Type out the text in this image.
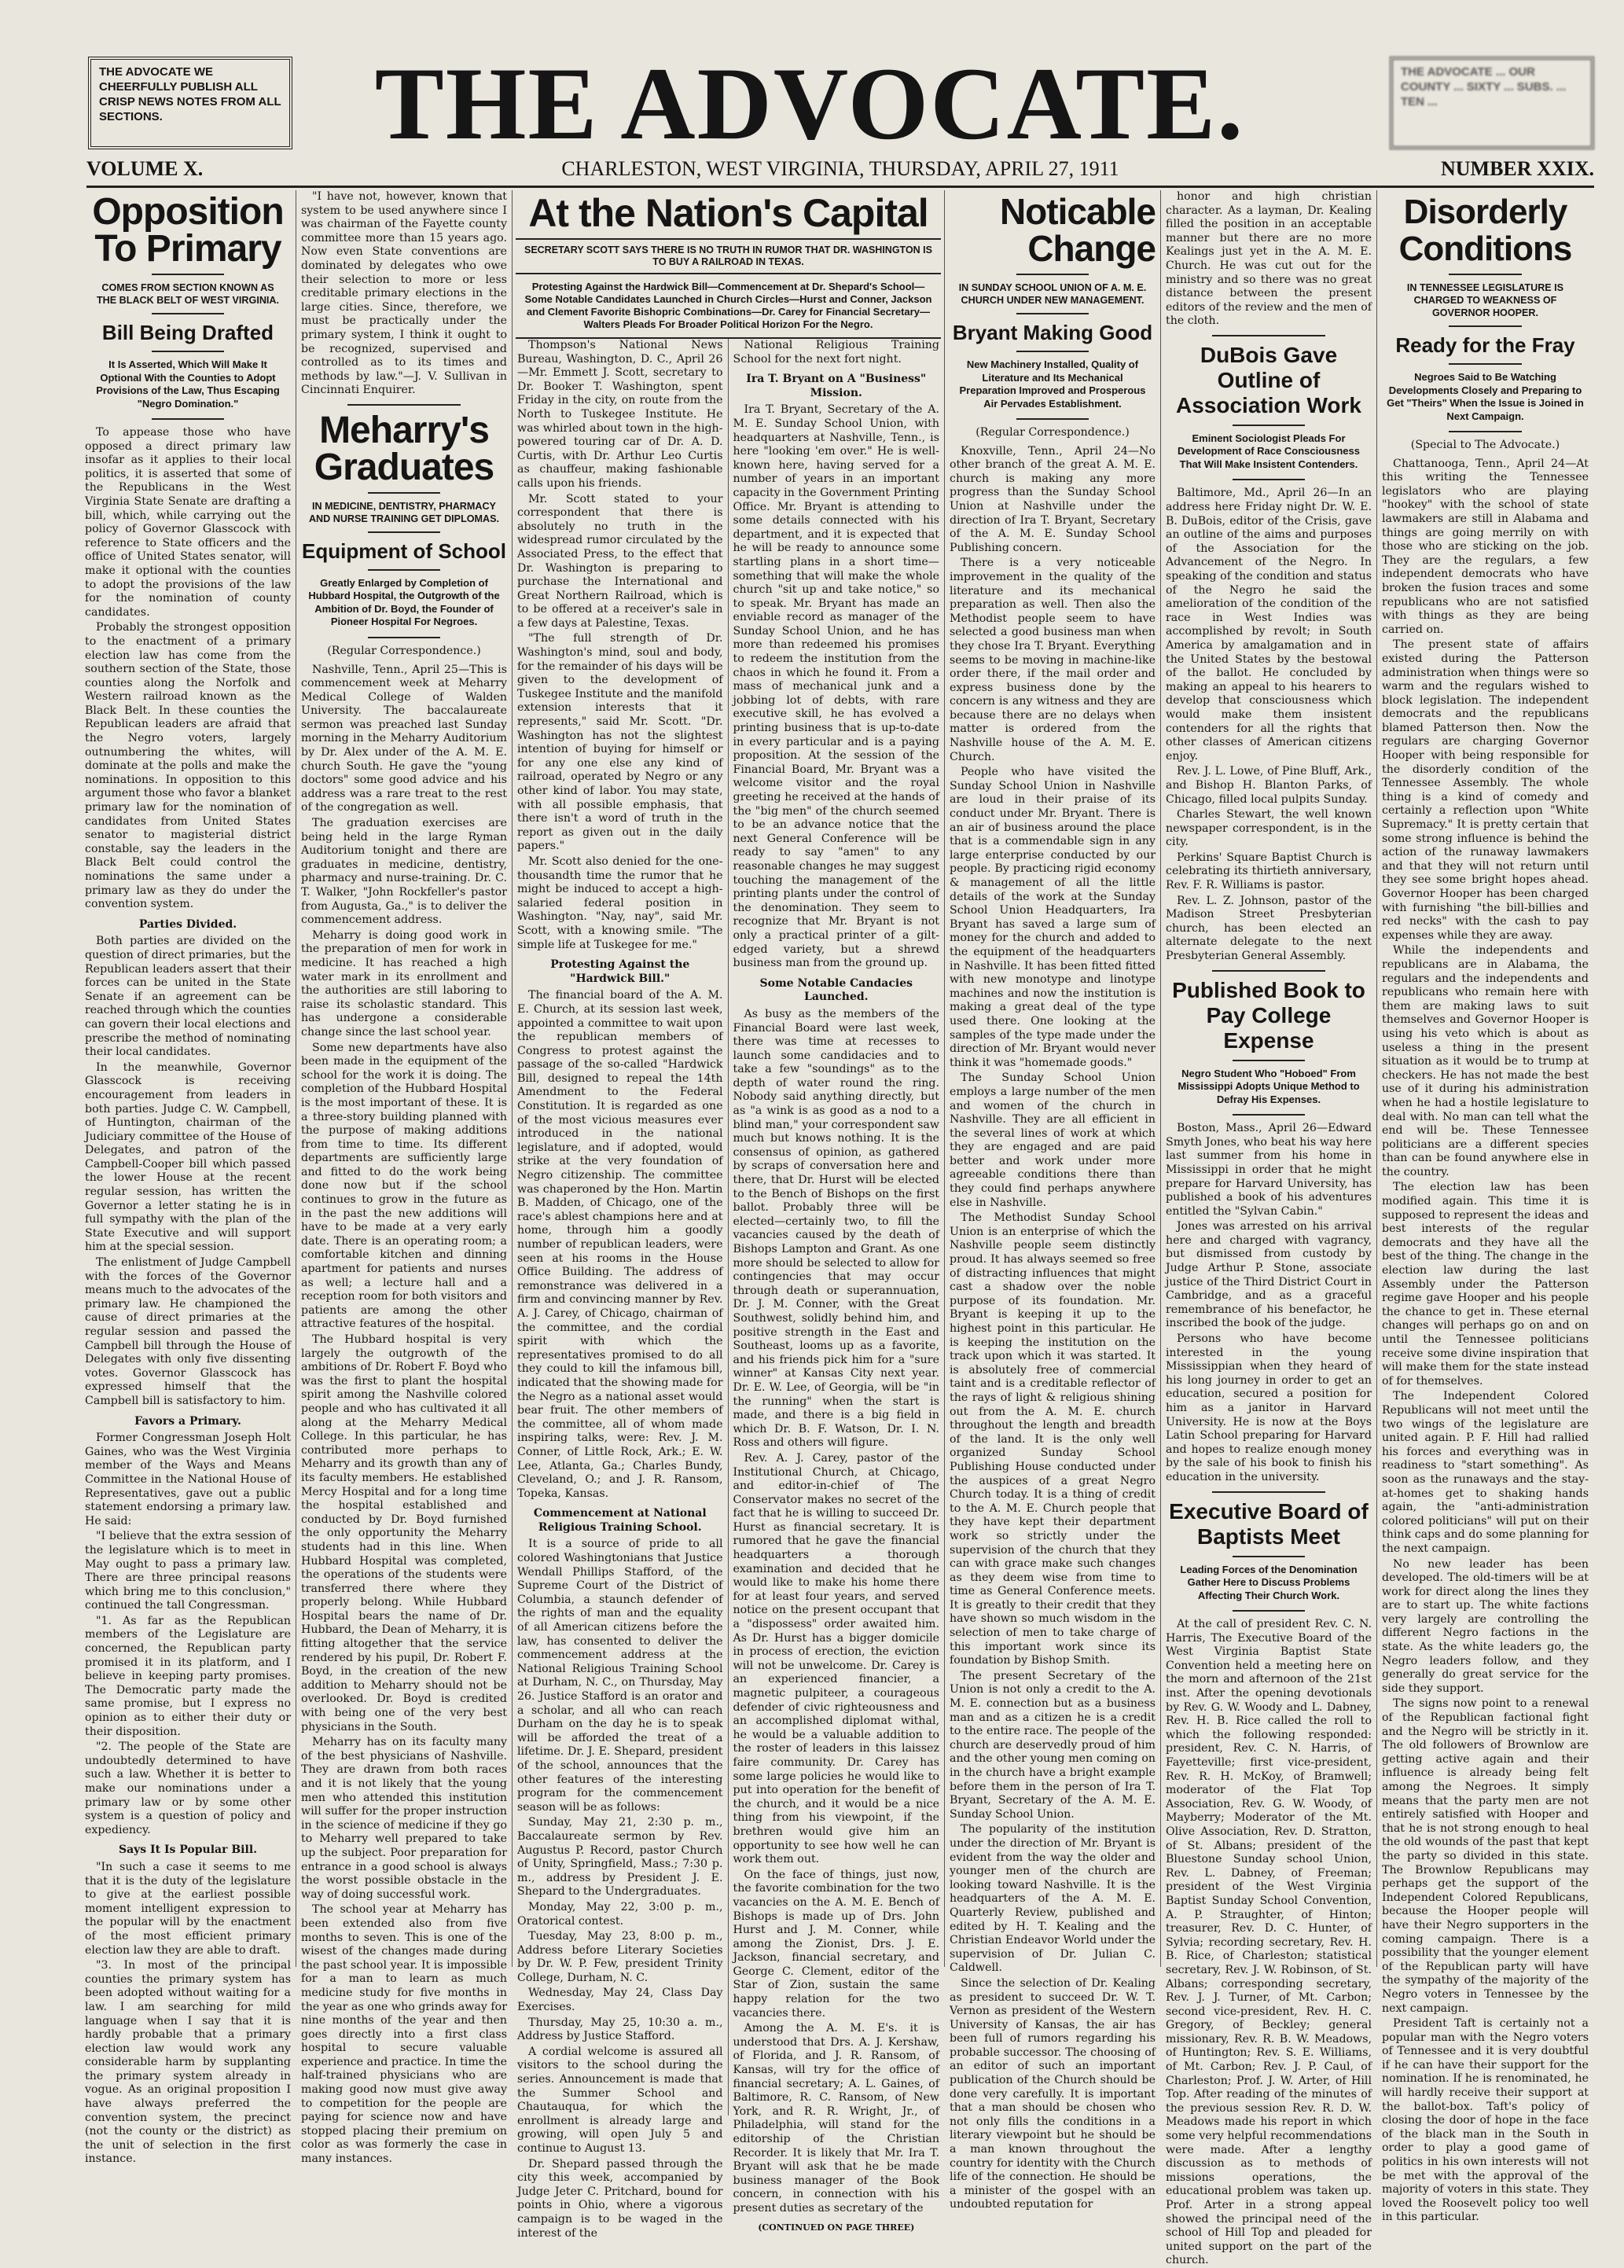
THE ADVOCATE WE CHEERFULLY PUBLISH ALL CRISP NEWS NOTES FROM ALL SECTIONS.	THE ADVOCATE.	THE ADVOCATE ... OUR COUNTY ... SIXTY ... SUBS. ... TEN ...
VOLUME X.	CHARLESTON, WEST VIRGINIA, THURSDAY, APRIL 27, 1911	NUMBER XXIX.
Opposition To Primary
COMES FROM SECTION KNOWN AS THE BLACK BELT OF WEST VIRGINIA.
Bill Being Drafted
It Is Asserted, Which Will Make It Optional With the Counties to Adopt Provisions of the Law, Thus Escaping "Negro Domination."

To appease those who have opposed a direct primary law insofar as it applies to their local politics, it is asserted that some of the Republicans in the West Virginia State Senate are drafting a bill, which, while carrying out the policy of Governor Glasscock with reference to State officers and the office of United States senator, will make it optional with the counties to adopt the provisions of the law for the nomination of county candidates.

Probably the strongest opposition to the enactment of a primary election law has come from the southern section of the State, those counties along the Norfolk and Western railroad known as the Black Belt. In these counties the Republican leaders are afraid that the Negro voters, largely outnumbering the whites, will dominate at the polls and make the nominations. In opposition to this argument those who favor a blanket primary law for the nomination of candidates from United States senator to magisterial district constable, say the leaders in the Black Belt could control the nominations the same under a primary law as they do under the convention system.

Parties Divided.

Both parties are divided on the question of direct primaries, but the Republican leaders assert that their forces can be united in the State Senate if an agreement can be reached through which the counties can govern their local elections and prescribe the method of nominating their local candidates.

In the meanwhile, Governor Glasscock is receiving encouragement from leaders in both parties. Judge C. W. Campbell, of Huntington, chairman of the Judiciary committee of the House of Delegates, and patron of the Campbell-Cooper bill which passed the lower House at the recent regular session, has written the Governor a letter stating he is in full sympathy with the plan of the State Executive and will support him at the special session.

The enlistment of Judge Campbell with the forces of the Governor means much to the advocates of the primary law. He championed the cause of direct primaries at the regular session and passed the Campbell bill through the House of Delegates with only five dissenting votes. Governor Glasscock has expressed himself that the Campbell bill is satisfactory to him.

Favors a Primary.

Former Congressman Joseph Holt Gaines, who was the West Virginia member of the Ways and Means Committee in the National House of Representatives, gave out a public statement endorsing a primary law. He said:

"I believe that the extra session of the legislature which is to meet in May ought to pass a primary law. There are three principal reasons which bring me to this conclusion," continued the tall Congressman.

"1. As far as the Republican members of the Legislature are concerned, the Republican party promised it in its platform, and I believe in keeping party promises. The Democratic party made the same promise, but I express no opinion as to either their duty or their disposition.

"2. The people of the State are undoubtedly determined to have such a law. Whether it is better to make our nominations under a primary law or by some other system is a question of policy and expediency.

Says It Is Popular Bill.

"In such a case it seems to me that it is the duty of the legislature to give at the earliest possible moment intelligent expression to the popular will by the enactment of the most efficient primary election law they are able to draft.

"3. In most of the principal counties the primary system has been adopted without waiting for a law. I am searching for mild language when I say that it is hardly probable that a primary election law would work any considerable harm by supplanting the primary system already in vogue. As an original proposition I have always preferred the convention system, the precinct (not the county or the district) as the unit of selection in the first instance.

"I have not, however, known that system to be used anywhere since I was chairman of the Fayette county committee more than 15 years ago. Now even State conventions are dominated by delegates who owe their selection to more or less creditable primary elections in the large cities. Since, therefore, we must be practically under the primary system, I think it ought to be recognized, supervised and controlled as to its times and methods by law."—J. V. Sullivan in Cincinnati Enquirer.

Meharry's Graduates
IN MEDICINE, DENTISTRY, PHARMACY AND NURSE TRAINING GET DIPLOMAS.
Equipment of School
Greatly Enlarged by Completion of Hubbard Hospital, the Outgrowth of the Ambition of Dr. Boyd, the Founder of Pioneer Hospital For Negroes.

(Regular Correspondence.)

Nashville, Tenn., April 25—This is commencement week at Meharry Medical College of Walden University. The baccalaureate sermon was preached last Sunday morning in the Meharry Auditorium by Dr. Alex under of the A. M. E. church South. He gave the "young doctors" some good advice and his address was a rare treat to the rest of the congregation as well.

The graduation exercises are being held in the large Ryman Auditorium tonight and there are graduates in medicine, dentistry, pharmacy and nurse-training. Dr. C. T. Walker, "John Rockfeller's pastor from Augusta, Ga.," is to deliver the commencement address.

Meharry is doing good work in the preparation of men for work in medicine. It has reached a high water mark in its enrollment and the authorities are still laboring to raise its scholastic standard. This has undergone a considerable change since the last school year.

Some new departments have also been made in the equipment of the school for the work it is doing. The completion of the Hubbard Hospital is the most important of these. It is a three-story building planned with the purpose of making additions from time to time. Its different departments are sufficiently large and fitted to do the work being done now but if the school continues to grow in the future as in the past the new additions will have to be made at a very early date. There is an operating room; a comfortable kitchen and dinning apartment for patients and nurses as well; a lecture hall and a reception room for both visitors and patients are among the other attractive features of the hospital.

The Hubbard hospital is very largely the outgrowth of the ambitions of Dr. Robert F. Boyd who was the first to plant the hospital spirit among the Nashville colored people and who has cultivated it all along at the Meharry Medical College. In this particular, he has contributed more perhaps to Meharry and its growth than any of its faculty members. He established Mercy Hospital and for a long time the hospital established and conducted by Dr. Boyd furnished the only opportunity the Meharry students had in this line. When Hubbard Hospital was completed, the operations of the students were transferred there where they properly belong. While Hubbard Hospital bears the name of Dr. Hubbard, the Dean of Meharry, it is fitting altogether that the service rendered by his pupil, Dr. Robert F. Boyd, in the creation of the new addition to Meharry should not be overlooked. Dr. Boyd is credited with being one of the very best physicians in the South.

Meharry has on its faculty many of the best physicians of Nashville. They are drawn from both races and it is not likely that the young men who attended this institution will suffer for the proper instruction in the science of medicine if they go to Meharry well prepared to take up the subject. Poor preparation for entrance in a good school is always the worst possible obstacle in the way of doing successful work.

The school year at Meharry has been extended also from five months to seven. This is one of the wisest of the changes made during the past school year. It is impossible for a man to learn as much medicine study for five months in the year as one who grinds away for nine months of the year and then goes directly into a first class hospital to secure valuable experience and practice. In time the half-trained physicians who are making good now must give away to competition for the people are paying for science now and have stopped placing their premium on color as was formerly the case in many instances.

At the Nation's Capital
SECRETARY SCOTT SAYS THERE IS NO TRUTH IN RUMOR THAT DR. WASHINGTON IS TO BUY A RAILROAD IN TEXAS.
Protesting Against the Hardwick Bill—Commencement at Dr. Shepard's School—Some Notable Candidates Launched in Church Circles—Hurst and Conner, Jackson and Clement Favorite Bishopric Combinations—Dr. Carey for Financial Secretary—Walters Pleads For Broader Political Horizon For the Negro.

Thompson's National News Bureau, Washington, D. C., April 26—Mr. Emmett J. Scott, secretary to Dr. Booker T. Washington, spent Friday in the city, on route from the North to Tuskegee Institute. He was whirled about town in the high-powered touring car of Dr. A. D. Curtis, with Dr. Arthur Leo Curtis as chauffeur, making fashionable calls upon his friends.

Mr. Scott stated to your correspondent that there is absolutely no truth in the widespread rumor circulated by the Associated Press, to the effect that Dr. Washington is preparing to purchase the International and Great Northern Railroad, which is to be offered at a receiver's sale in a few days at Palestine, Texas.

"The full strength of Dr. Washington's mind, soul and body, for the remainder of his days will be given to the development of Tuskegee Institute and the manifold extension interests that it represents," said Mr. Scott. "Dr. Washington has not the slightest intention of buying for himself or for any one else any kind of railroad, operated by Negro or any other kind of labor. You may state, with all possible emphasis, that there isn't a word of truth in the report as given out in the daily papers."

Mr. Scott also denied for the one-thousandth time the rumor that he might be induced to accept a high-salaried federal position in Washington. "Nay, nay", said Mr. Scott, with a knowing smile. "The simple life at Tuskegee for me."

Protesting Against the "Hardwick Bill."

The financial board of the A. M. E. Church, at its session last week, appointed a committee to wait upon the republican members of Congress to protest against the passage of the so-called "Hardwick Bill, designed to repeal the 14th Amendment to the Federal Constitution. It is regarded as one of the most vicious measures ever introduced in the national legislature, and if adopted, would strike at the very foundation of Negro citizenship. The committee was chaperoned by the Hon. Martin B. Madden, of Chicago, one of the race's ablest champions here and at home, through him a goodly number of republican leaders, were seen at his rooms in the House Office Building. The address of remonstrance was delivered in a firm and convincing manner by Rev. A. J. Carey, of Chicago, chairman of the committee, and the cordial spirit with which the representatives promised to do all they could to kill the infamous bill, indicated that the showing made for the Negro as a national asset would bear fruit. The other members of the committee, all of whom made inspiring talks, were: Rev. J. M. Conner, of Little Rock, Ark.; E. W. Lee, Atlanta, Ga.; Charles Bundy, Cleveland, O.; and J. R. Ransom, Topeka, Kansas.

Commencement at National Religious Training School.

It is a source of pride to all colored Washingtonians that Justice Wendall Phillips Stafford, of the Supreme Court of the District of Columbia, a staunch defender of the rights of man and the equality of all American citizens before the law, has consented to deliver the commencement address at the National Religious Training School at Durham, N. C., on Thursday, May 26. Justice Stafford is an orator and a scholar, and all who can reach Durham on the day he is to speak will be afforded the treat of a lifetime. Dr. J. E. Shepard, president of the school, announces that the other features of the interesting program for the commencement season will be as follows:

Sunday, May 21, 2:30 p. m., Baccalaureate sermon by Rev. Augustus P. Record, pastor Church of Unity, Springfield, Mass.; 7:30 p. m., address by President J. E. Shepard to the Undergraduates.

Monday, May 22, 3:00 p. m., Oratorical contest.

Tuesday, May 23, 8:00 p. m., Address before Literary Societies by Dr. W. P. Few, president Trinity College, Durham, N. C.

Wednesday, May 24, Class Day Exercises.

Thursday, May 25, 10:30 a. m., Address by Justice Stafford.

A cordial welcome is assured all visitors to the school during the series. Announcement is made that the Summer School and Chautauqua, for which the enrollment is already large and growing, will open July 5 and continue to August 13.

Dr. Shepard passed through the city this week, accompanied by Judge Jeter C. Pritchard, bound for points in Ohio, where a vigorous campaign is to be waged in the interest of the

National Religious Training School for the next fort night.

Ira T. Bryant on A "Business" Mission.

Ira T. Bryant, Secretary of the A. M. E. Sunday School Union, with headquarters at Nashville, Tenn., is here "looking 'em over." He is well-known here, having served for a number of years in an important capacity in the Government Printing Office. Mr. Bryant is attending to some details connected with his department, and it is expected that he will be ready to announce some startling plans in a short time—something that will make the whole church "sit up and take notice," so to speak. Mr. Bryant has made an enviable record as manager of the Sunday School Union, and he has more than redeemed his promises to redeem the institution from the chaos in which he found it. From a mass of mechanical junk and a jobbing lot of debts, with rare executive skill, he has evolved a printing business that is up-to-date in every particular and is a paying proposition. At the session of the Financial Board, Mr. Bryant was a welcome visitor and the royal greeting he received at the hands of the "big men" of the church seemed to be an advance notice that the next General Conference will be ready to say "amen" to any reasonable changes he may suggest touching the management of the printing plants under the control of the denomination. They seem to recognize that Mr. Bryant is not only a practical printer of a gilt-edged variety, but a shrewd business man from the ground up.

Some Notable Candacies Launched.

As busy as the members of the Financial Board were last week, there was time at recesses to launch some candidacies and to take a few "soundings" as to the depth of water round the ring. Nobody said anything directly, but as "a wink is as good as a nod to a blind man," your correspondent saw much but knows nothing. It is the consensus of opinion, as gathered by scraps of conversation here and there, that Dr. Hurst will be elected to the Bench of Bishops on the first ballot. Probably three will be elected—certainly two, to fill the vacancies caused by the death of Bishops Lampton and Grant. As one more should be selected to allow for contingencies that may occur through death or superannuation, Dr. J. M. Conner, with the Great Southwest, solidly behind him, and positive strength in the East and Southeast, looms up as a favorite, and his friends pick him for a "sure winner" at Kansas City next year. Dr. E. W. Lee, of Georgia, will be "in the running" when the start is made, and there is a big field in which Dr. B. F. Watson, Dr. I. N. Ross and others will figure.

Rev. A. J. Carey, pastor of the Institutional Church, at Chicago, and editor-in-chief of The Conservator makes no secret of the fact that he is willing to succeed Dr. Hurst as financial secretary. It is rumored that he gave the financial headquarters a thorough examination and decided that he would like to make his home there for at least four years, and served notice on the present occupant that a "dispossess" order awaited him. As Dr. Hurst has a bigger domicile in process of erection, the eviction will not be unwelcome. Dr. Carey is an experienced financier, a magnetic pulpiteer, a courageous defender of civic righteousness and an accomplished diplomat withal, he would be a valuable addition to the roster of leaders in this laissez faire community. Dr. Carey has some large policies he would like to put into operation for the benefit of the church, and it would be a nice thing from his viewpoint, if the brethren would give him an opportunity to see how well he can work them out.

On the face of things, just now, the favorite combination for the two vacancies on the A. M. E. Bench of Bishops is made up of Drs. John Hurst and J. M. Conner, while among the Zionist, Drs. J. E. Jackson, financial secretary, and George C. Clement, editor of the Star of Zion, sustain the same happy relation for the two vacancies there.

Among the A. M. E's. it is understood that Drs. A. J. Kershaw, of Florida, and J. R. Ransom, of Kansas, will try for the office of financial secretary; A. L. Gaines, of Baltimore, R. C. Ransom, of New York, and R. R. Wright, Jr., of Philadelphia, will stand for the editorship of the Christian Recorder. It is likely that Mr. Ira T. Bryant will ask that he be made business manager of the Book concern, in connection with his present duties as secretary of the

(CONTINUED ON PAGE THREE)

Noticable Change
IN SUNDAY SCHOOL UNION OF A. M. E. CHURCH UNDER NEW MANAGEMENT.
Bryant Making Good
New Machinery Installed, Quality of Literature and Its Mechanical Preparation Improved and Prosperous Air Pervades Establishment.

(Regular Correspondence.)

Knoxville, Tenn., April 24—No other branch of the great A. M. E. church is making any more progress than the Sunday School Union at Nashville under the direction of Ira T. Bryant, Secretary of the A. M. E. Sunday School Publishing concern.

There is a very noticeable improvement in the quality of the literature and its mechanical preparation as well. Then also the Methodist people seem to have selected a good business man when they chose Ira T. Bryant. Everything seems to be moving in machine-like order there, if the mail order and express business done by the concern is any witness and they are because there are no delays when matter is ordered from the Nashville house of the A. M. E. Church.

People who have visited the Sunday School Union in Nashville are loud in their praise of its conduct under Mr. Bryant. There is an air of business around the place that is a commendable sign in any large enterprise conducted by our people. By practicing rigid economy & management of all the little details of the work at the Sunday School Union Headquarters, Ira Bryant has saved a large sum of money for the church and added to the equipment of the headquarters in Nashville. It has been fitted fitted with new monotype and linotype machines and now the institution is making a great deal of the type used there. One looking at the samples of the type made under the direction of Mr. Bryant would never think it was "homemade goods."

The Sunday School Union employs a large number of the men and women of the church in Nashville. They are all efficient in the several lines of work at which they are engaged and are paid better and work under more agreeable conditions there than they could find perhaps anywhere else in Nashville.

The Methodist Sunday School Union is an enterprise of which the Nashville people seem distinctly proud. It has always seemed so free of distracting influences that might cast a shadow over the noble purpose of its foundation. Mr. Bryant is keeping it up to the highest point in this particular. He is keeping the institution on the track upon which it was started. It is absolutely free of commercial taint and is a creditable reflector of the rays of light & religious shining out from the A. M. E. church throughout the length and breadth of the land. It is the only well organized Sunday School Publishing House conducted under the auspices of a great Negro Church today. It is a thing of credit to the A. M. E. Church people that they have kept their department work so strictly under the supervision of the church that they can with grace make such changes as they deem wise from time to time as General Conference meets. It is greatly to their credit that they have shown so much wisdom in the selection of men to take charge of this important work since its foundation by Bishop Smith.

The present Secretary of the Union is not only a credit to the A. M. E. connection but as a business man and as a citizen he is a credit to the entire race. The people of the church are deservedly proud of him and the other young men coming on in the church have a bright example before them in the person of Ira T. Bryant, Secretary of the A. M. E. Sunday School Union.

The popularity of the institution under the direction of Mr. Bryant is evident from the way the older and younger men of the church are looking toward Nashville. It is the headquarters of the A. M. E. Quarterly Review, published and edited by H. T. Kealing and the Christian Endeavor World under the supervision of Dr. Julian C. Caldwell.

Since the selection of Dr. Kealing as president to succeed Dr. W. T. Vernon as president of the Western University of Kansas, the air has been full of rumors regarding his probable successor. The choosing of an editor of such an important publication of the Church should be done very carefully. It is important that a man should be chosen who not only fills the conditions in a literary viewpoint but he should be a man known throughout the country for identity with the Church life of the connection. He should be a minister of the gospel with an undoubted reputation for

honor and high christian character. As a layman, Dr. Kealing filled the position in an acceptable manner but there are no more Kealings just yet in the A. M. E. Church. He was cut out for the ministry and so there was no great distance between the present editors of the review and the men of the cloth.

DuBois Gave Outline of Association Work
Eminent Sociologist Pleads For Development of Race Consciousness That Will Make Insistent Contenders.

Baltimore, Md., April 26—In an address here Friday night Dr. W. E. B. DuBois, editor of the Crisis, gave an outline of the aims and purposes of the Association for the Advancement of the Negro. In speaking of the condition and status of the Negro he said the amelioration of the condition of the race in West Indies was accomplished by revolt; in South America by amalgamation and in the United States by the bestowal of the ballot. He concluded by making an appeal to his hearers to develop that consciousness which would make them insistent contenders for all the rights that other classes of American citizens enjoy.

Rev. J. L. Lowe, of Pine Bluff, Ark., and Bishop H. Blanton Parks, of Chicago, filled local pulpits Sunday.

Charles Stewart, the well known newspaper correspondent, is in the city.

Perkins' Square Baptist Church is celebrating its thirtieth anniversary, Rev. F. R. Williams is pastor.

Rev. L. Z. Johnson, pastor of the Madison Street Presbyterian church, has been elected an alternate delegate to the next Presbyterian General Assembly.

Published Book to Pay College Expense
Negro Student Who "Hoboed" From Mississippi Adopts Unique Method to Defray His Expenses.

Boston, Mass., April 26—Edward Smyth Jones, who beat his way here last summer from his home in Mississippi in order that he might prepare for Harvard University, has published a book of his adventures entitled the "Sylvan Cabin."

Jones was arrested on his arrival here and charged with vagrancy, but dismissed from custody by Judge Arthur P. Stone, associate justice of the Third District Court in Cambridge, and as a graceful remembrance of his benefactor, he inscribed the book of the judge.

Persons who have become interested in the young Mississippian when they heard of his long journey in order to get an education, secured a position for him as a janitor in Harvard University. He is now at the Boys Latin School preparing for Harvard and hopes to realize enough money by the sale of his book to finish his education in the university.

Executive Board of Baptists Meet
Leading Forces of the Denomination Gather Here to Discuss Problems Affecting Their Church Work.

At the call of president Rev. C. N. Harris, The Executive Board of the West Virginia Baptist State Convention held a meeting here on the morn and afternoon of the 21st inst. After the opening devotionals by Rev. G. W. Woody and L. Dabney, Rev. H. B. Rice called the roll to which the following responded: president, Rev. C. N. Harris, of Fayetteville; first vice-president, Rev. R. H. McKoy, of Bramwell; moderator of the Flat Top Association, Rev. G. W. Woody, of Mayberry; Moderator of the Mt. Olive Association, Rev. D. Stratton, of St. Albans; president of the Bluestone Sunday school Union, Rev. L. Dabney, of Freeman; president of the West Virginia Baptist Sunday School Convention, A. P. Straughter, of Hinton; treasurer, Rev. D. C. Hunter, of Sylvia; recording secretary, Rev. H. B. Rice, of Charleston; statistical secretary, Rev. J. W. Robinson, of St. Albans; corresponding secretary, Rev. J. J. Turner, of Mt. Carbon; second vice-president, Rev. H. C. Gregory, of Beckley; general missionary, Rev. R. B. W. Meadows, of Huntington; Rev. S. E. Williams, of Mt. Carbon; Rev. J. P. Caul, of Charleston; Prof. J. W. Arter, of Hill Top. After reading of the minutes of the previous session Rev. R. D. W. Meadows made his report in which some very helpful recommendations were made. After a lengthy discussion as to methods of missions operations, the educational problem was taken up. Prof. Arter in a strong appeal showed the principal need of the school of Hill Top and pleaded for united support on the part of the church.

Disorderly Conditions
IN TENNESSEE LEGISLATURE IS CHARGED TO WEAKNESS OF GOVERNOR HOOPER.
Ready for the Fray
Negroes Said to Be Watching Developments Closely and Preparing to Get "Theirs" When the Issue is Joined in Next Campaign.

(Special to The Advocate.)

Chattanooga, Tenn., April 24—At this writing the Tennessee legislators who are playing "hookey" with the school of state lawmakers are still in Alabama and things are going merrily on with those who are sticking on the job. They are the regulars, a few independent democrats who have broken the fusion traces and some republicans who are not satisfied with things as they are being carried on.

The present state of affairs existed during the Patterson administration when things were so warm and the regulars wished to block legislation. The independent democrats and the republicans blamed Patterson then. Now the regulars are charging Governor Hooper with being responsible for the disorderly condition of the Tennessee Assembly. The whole thing is a kind of comedy and certainly a reflection upon "White Supremacy." It is pretty certain that some strong influence is behind the action of the runaway lawmakers and that they will not return until they see some bright hopes ahead. Governor Hooper has been charged with furnishing "the bill-billies and red necks" with the cash to pay expenses while they are away.

While the independents and republicans are in Alabama, the regulars and the independents and republicans who remain here with them are making laws to suit themselves and Governor Hooper is using his veto which is about as useless a thing in the present situation as it would be to trump at checkers. He has not made the best use of it during his administration when he had a hostile legislature to deal with. No man can tell what the end will be. These Tennessee politicians are a different species than can be found anywhere else in the country.

The election law has been modified again. This time it is supposed to represent the ideas and best interests of the regular democrats and they have all the best of the thing. The change in the election law during the last Assembly under the Patterson regime gave Hooper and his people the chance to get in. These eternal changes will perhaps go on and on until the Tennessee politicians receive some divine inspiration that will make them for the state instead of for themselves.

The Independent Colored Republicans will not meet until the two wings of the legislature are united again. P. F. Hill had rallied his forces and everything was in readiness to "start something". As soon as the runaways and the stay-at-homes get to shaking hands again, the "anti-administration colored politicians" will put on their think caps and do some planning for the next campaign.

No new leader has been developed. The old-timers will be at work for direct along the lines they are to start up. The white factions very largely are controlling the different Negro factions in the state. As the white leaders go, the Negro leaders follow, and they generally do great service for the side they support.

The signs now point to a renewal of the Republican factional fight and the Negro will be strictly in it. The old followers of Brownlow are getting active again and their influence is already being felt among the Negroes. It simply means that the party men are not entirely satisfied with Hooper and that he is not strong enough to heal the old wounds of the past that kept the party so divided in this state. The Brownlow Republicans may perhaps get the support of the Independent Colored Republicans, because the Hooper people will have their Negro supporters in the coming campaign. There is a possibility that the younger element of the Republican party will have the sympathy of the majority of the Negro voters in Tennessee by the next campaign.

President Taft is certainly not a popular man with the Negro voters of Tennessee and it is very doubtful if he can have their support for the nomination. If he is renominated, he will hardly receive their support at the ballot-box. Taft's policy of closing the door of hope in the face of the black man in the South in order to play a good game of politics in his own interests will not be met with the approval of the majority of voters in this state. They loved the Roosevelt policy too well in this particular.
